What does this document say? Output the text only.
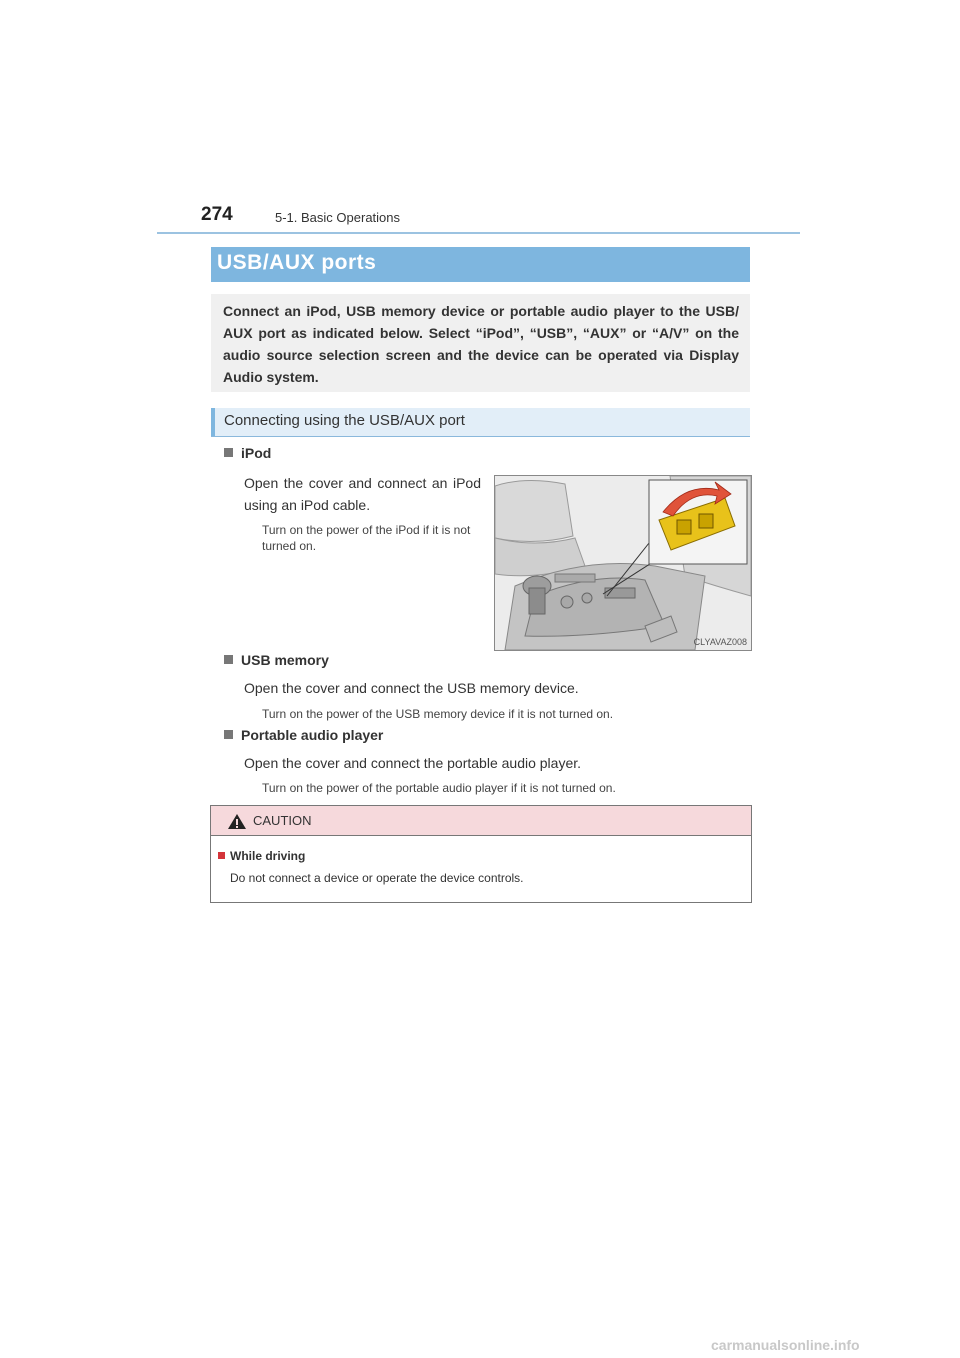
274	5-1. Basic Operations
USB/AUX ports
Connect an iPod, USB memory device or portable audio player to the USB/ AUX port as indicated below. Select “iPod”, “USB”, “AUX” or “A/V” on the audio source selection screen and the device can be operated via Display Audio system.
Connecting using the USB/AUX port
iPod
Open the cover and connect an iPod using an iPod cable.
Turn on the power of the iPod if it is not turned on.
CLYAVAZ008
USB memory
Open the cover and connect the USB memory device.
Turn on the power of the USB memory device if it is not turned on.
Portable audio player
Open the cover and connect the portable audio player.
Turn on the power of the portable audio player if it is not turned on.
CAUTION
While driving
Do not connect a device or operate the device controls.
carmanualsonline.info
